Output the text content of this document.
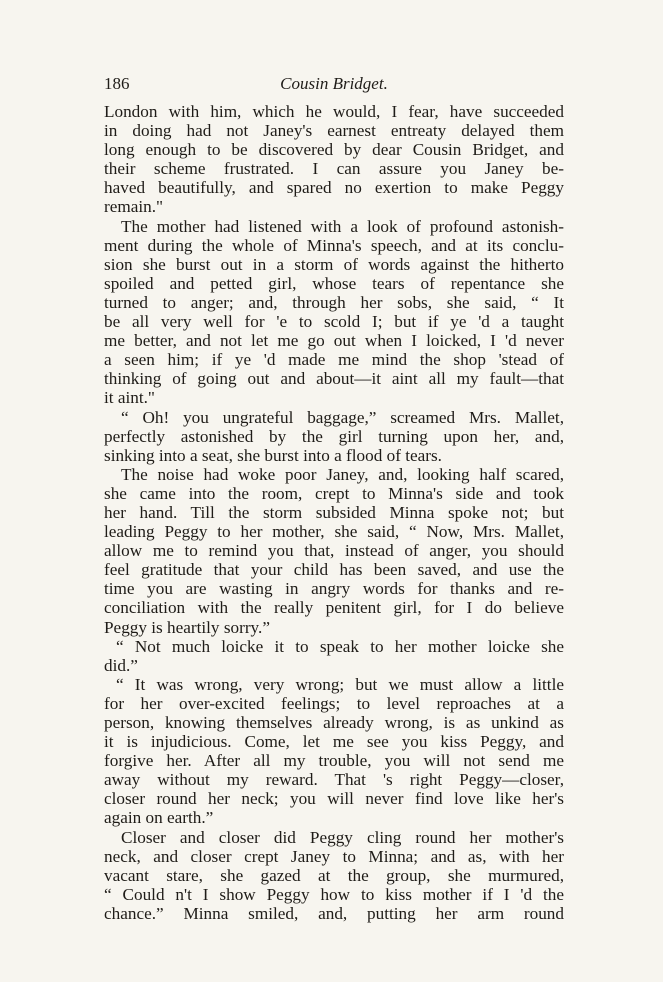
186	Cousin Bridget.
London with him, which he would, I fear, have succeeded
in doing had not Janey's earnest entreaty delayed them
long enough to be discovered by dear Cousin Bridget, and
their scheme frustrated. I can assure you Janey be-
haved beautifully, and spared no exertion to make Peggy
remain."
The mother had listened with a look of profound astonish-
ment during the whole of Minna's speech, and at its conclu-
sion she burst out in a storm of words against the hitherto
spoiled and petted girl, whose tears of repentance she
turned to anger; and, through her sobs, she said, “ It
be all very well for 'e to scold I; but if ye 'd a taught
me better, and not let me go out when I loicked, I 'd never
a seen him; if ye 'd made me mind the shop 'stead of
thinking of going out and about—it aint all my fault—that
it aint."
“ Oh! you ungrateful baggage,” screamed Mrs. Mallet,
perfectly astonished by the girl turning upon her, and,
sinking into a seat, she burst into a flood of tears.
The noise had woke poor Janey, and, looking half scared,
she came into the room, crept to Minna's side and took
her hand. Till the storm subsided Minna spoke not; but
leading Peggy to her mother, she said, “ Now, Mrs. Mallet,
allow me to remind you that, instead of anger, you should
feel gratitude that your child has been saved, and use the
time you are wasting in angry words for thanks and re-
conciliation with the really penitent girl, for I do believe
Peggy is heartily sorry.”
“ Not much loicke it to speak to her mother loicke she
did.”
“ It was wrong, very wrong; but we must allow a little
for her over-excited feelings; to level reproaches at a
person, knowing themselves already wrong, is as unkind as
it is injudicious. Come, let me see you kiss Peggy, and
forgive her. After all my trouble, you will not send me
away without my reward. That 's right Peggy—closer,
closer round her neck; you will never find love like her's
again on earth.”
Closer and closer did Peggy cling round her mother's
neck, and closer crept Janey to Minna; and as, with her
vacant stare, she gazed at the group, she murmured,
“ Could n't I show Peggy how to kiss mother if I 'd the
chance.” Minna smiled, and, putting her arm round
